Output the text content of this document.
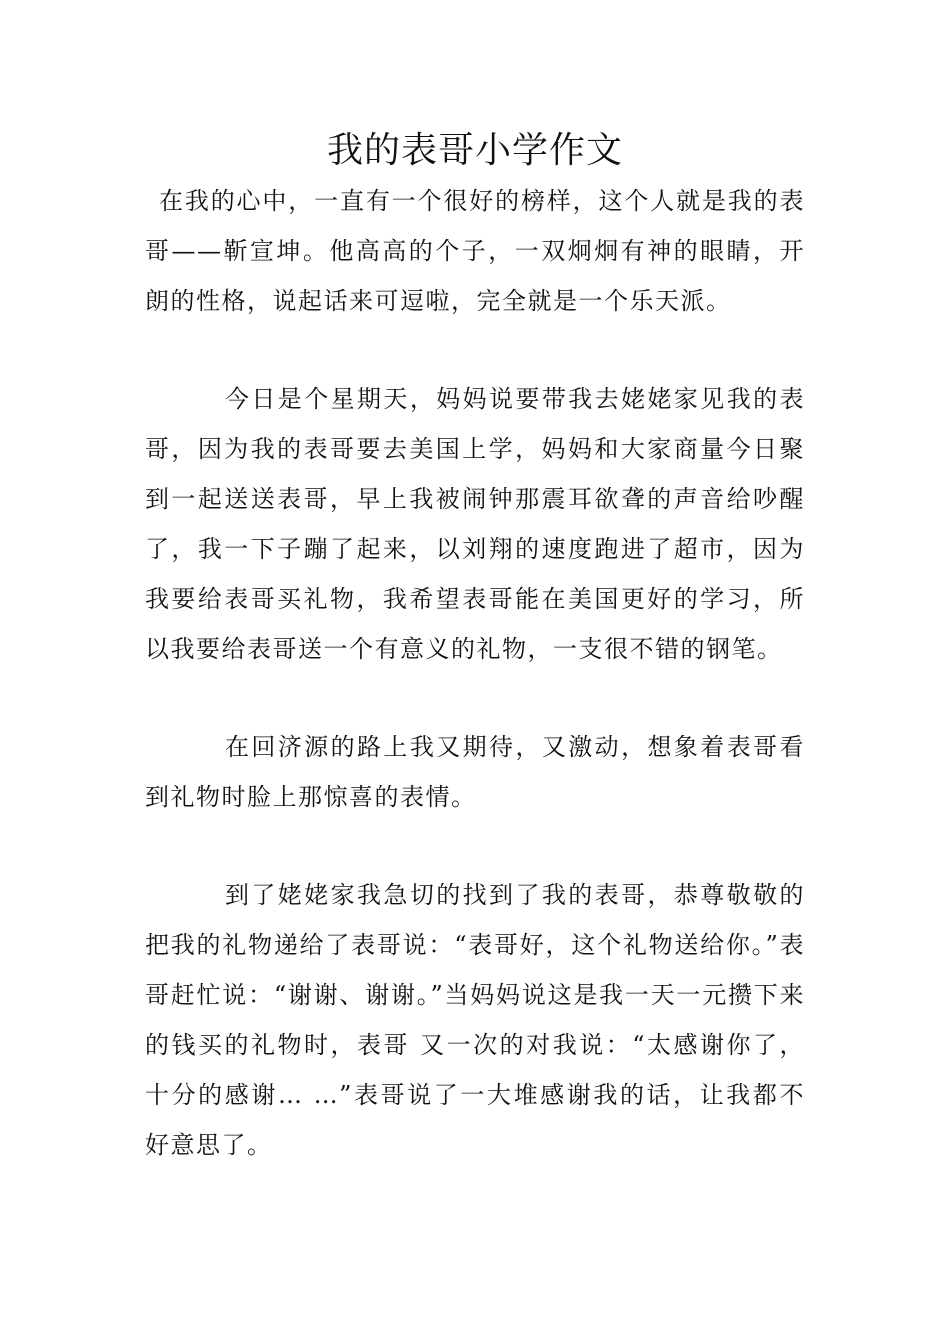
我的表哥小学作文

在我的心中，一直有一个很好的榜样，这个人就是我的表哥——靳宣坤。他高高的个子，一双炯炯有神的眼睛，开朗的性格，说起话来可逗啦，完全就是一个乐天派。

今日是个星期天，妈妈说要带我去姥姥家见我的表哥，因为我的表哥要去美国上学，妈妈和大家商量今日聚到一起送送表哥，早上我被闹钟那震耳欲聋的声音给吵醒了，我一下子蹦了起来，以刘翔的速度跑进了超市，因为我要给表哥买礼物，我希望表哥能在美国更好的学习，所以我要给表哥送一个有意义的礼物，一支很不错的钢笔。

在回济源的路上我又期待，又激动，想象着表哥看到礼物时脸上那惊喜的表情。

到了姥姥家我急切的找到了我的表哥，恭尊敬敬的把我的礼物递给了表哥说：“表哥好，这个礼物送给你。”表哥赶忙说：“谢谢、谢谢。”当妈妈说这是我一天一元攒下来的钱买的礼物时，表哥 又一次的对我说：“太感谢你了，十分的感谢… …”表哥说了一大堆感谢我的话，让我都不好意思了。
